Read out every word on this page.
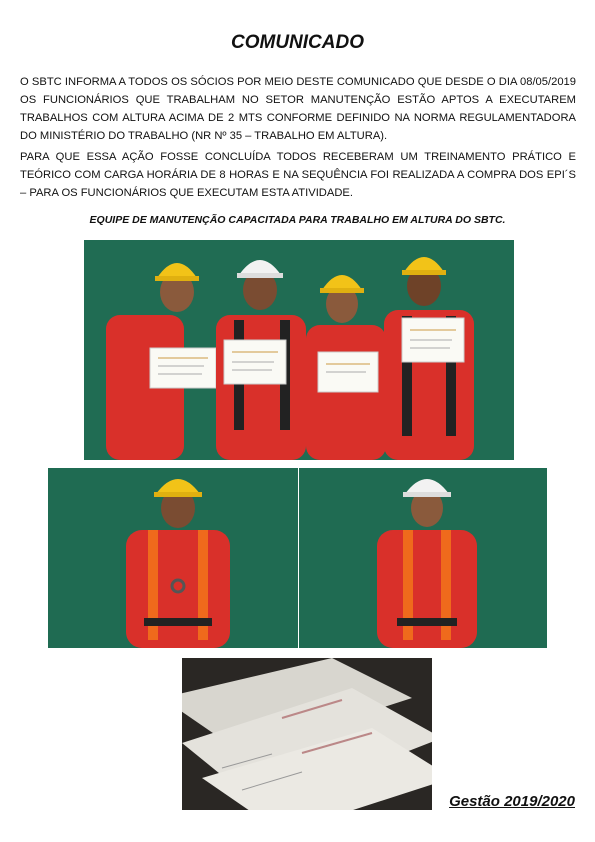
COMUNICADO

O SBTC INFORMA A TODOS OS SÓCIOS POR MEIO DESTE COMUNICADO QUE DESDE O DIA 08/05/2019 OS FUNCIONÁRIOS QUE TRABALHAM NO SETOR MANUTENÇÃO ESTÃO APTOS A EXECUTAREM TRABALHOS COM ALTURA ACIMA DE 2 MTS CONFORME DEFINIDO NA NORMA REGULAMENTADORA DO MINISTÉRIO DO TRABALHO (NR Nº 35 – TRABALHO EM ALTURA).

PARA QUE ESSA AÇÃO FOSSE CONCLUÍDA TODOS RECEBERAM UM TREINAMENTO PRÁTICO E TEÓRICO COM CARGA HORÁRIA DE 8 HORAS E NA SEQUÊNCIA FOI REALIZADA A COMPRA DOS EPI´S – PARA OS FUNCIONÁRIOS QUE EXECUTAM ESTA ATIVIDADE.

EQUIPE DE MANUTENÇÃO CAPACITADA PARA TRABALHO EM ALTURA DO SBTC.
Gestão 2019/2020
